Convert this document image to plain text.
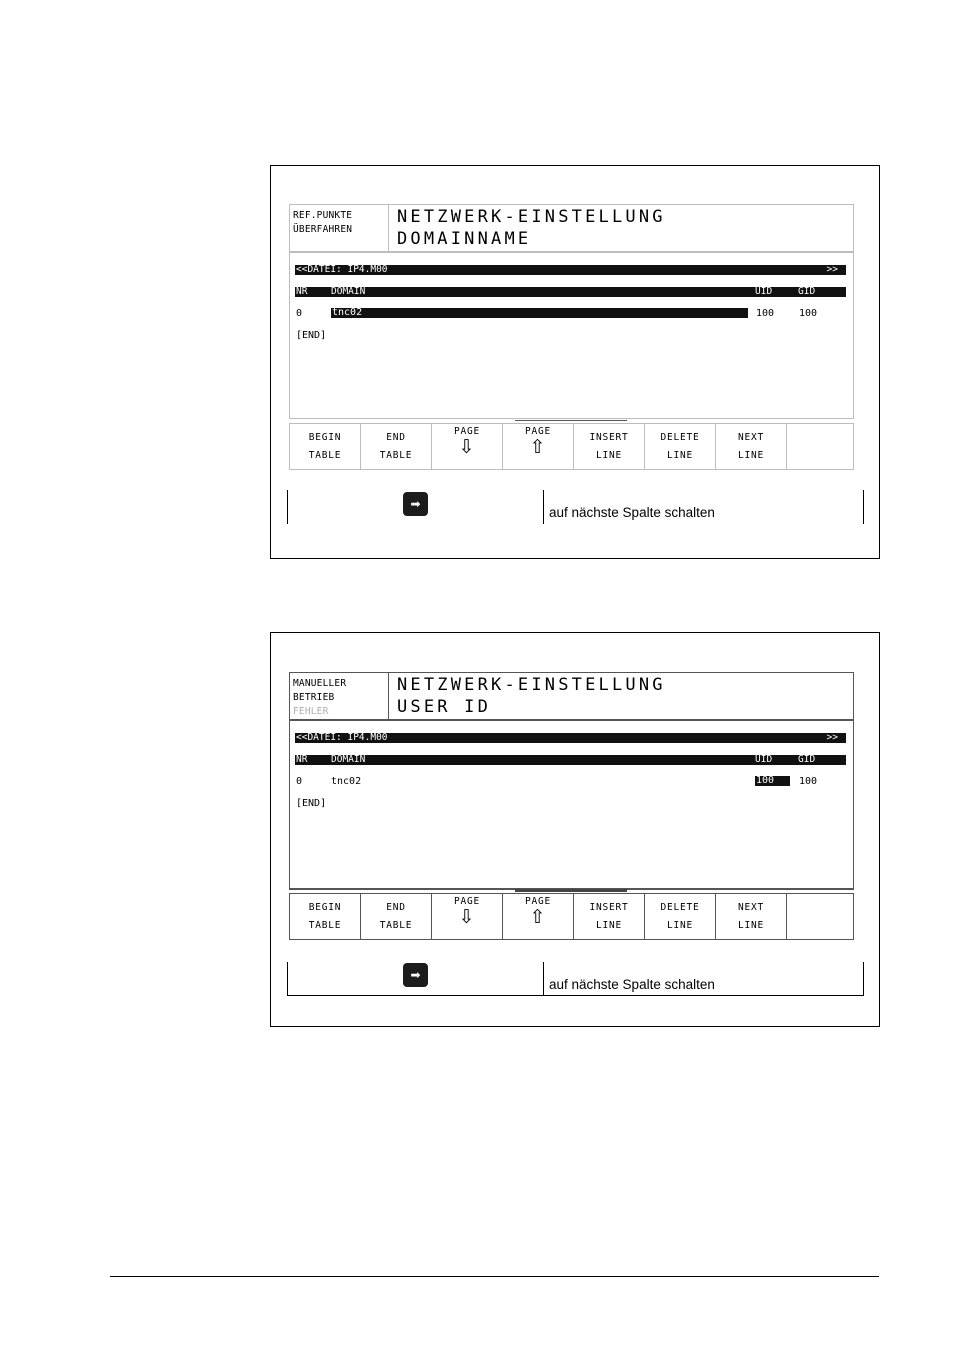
REF.PUNKTE
ÜBERFAHREN
NETZWERK-EINSTELLUNG
DOMAINNAME
<<DATEI: IP4.M00	>>
NR DOMAIN	UID	GID
0	tnc02	100 100
[END]
BEGIN
TABLE
END
TABLE
PAGE
⇩
PAGE
⇧	INSERT
LINE
DELETE
LINE
NEXT
LINE
➡
auf nächste Spalte schalten
MANUELLER
BETRIEB
FEHLER
NETZWERK-EINSTELLUNG
USER ID
<<DATEI: IP4.M00	>>
NR DOMAIN	UID	GID
0	tnc02	100	100
[END]
BEGIN
TABLE
END
TABLE
PAGE
⇩
PAGE
⇧	INSERT
LINE
DELETE
LINE
NEXT
LINE
➡
auf nächste Spalte schalten
